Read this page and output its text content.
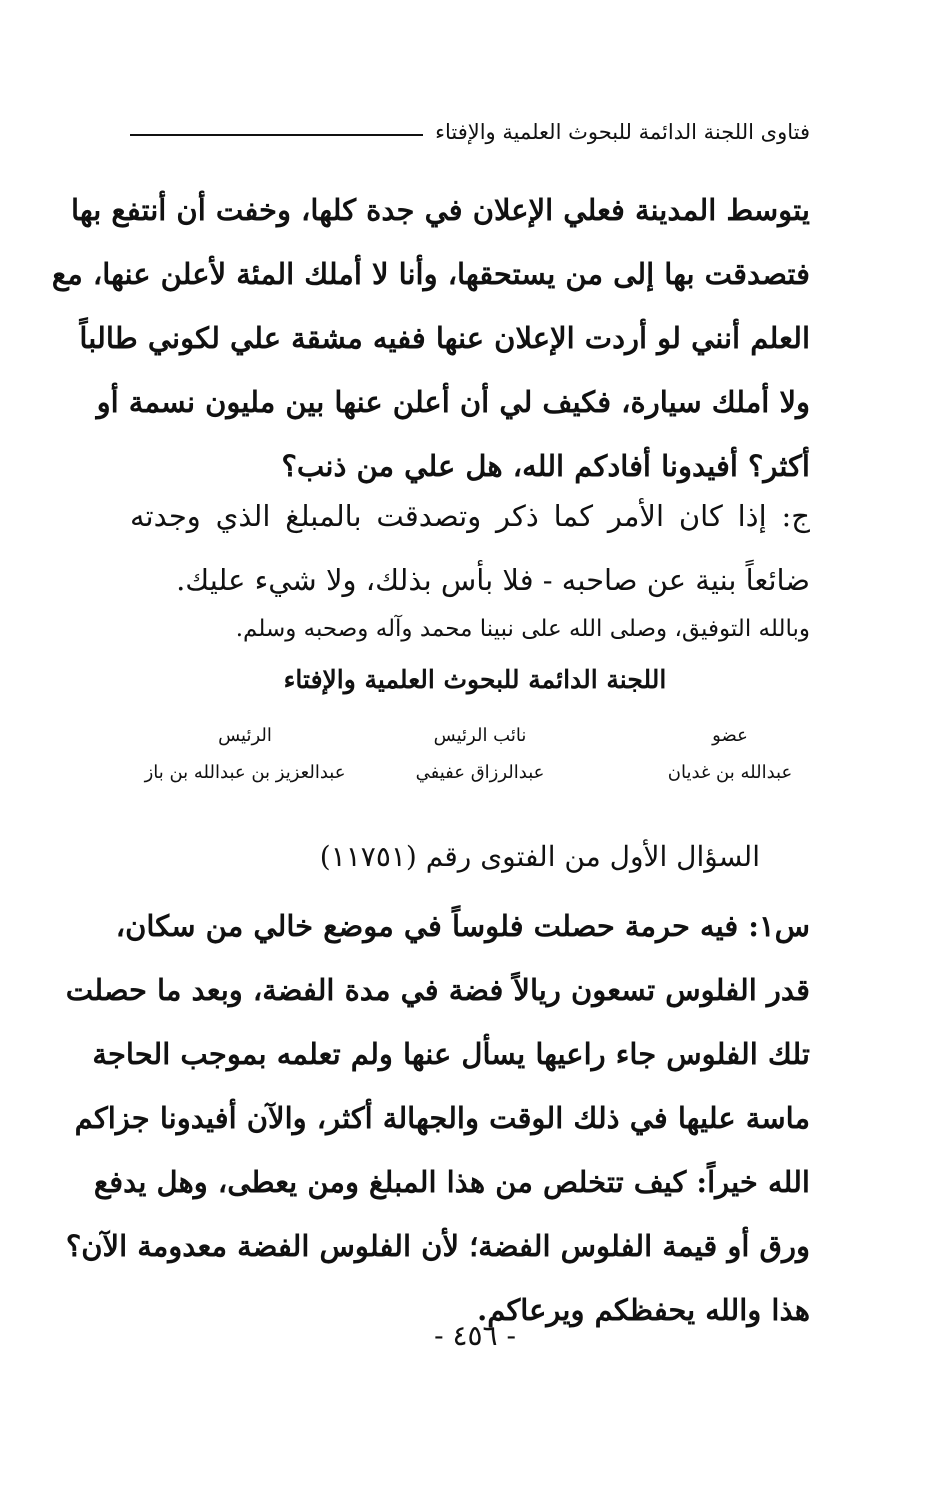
فتاوى اللجنة الدائمة للبحوث العلمية والإفتاء
يتوسط المدينة فعلي الإعلان في جدة كلها، وخفت أن أنتفع بها
فتصدقت بها إلى من يستحقها، وأنا لا أملك المئة لأعلن عنها، مع
العلم أنني لو أردت الإعلان عنها ففيه مشقة علي لكوني طالباً
ولا أملك سيارة، فكيف لي أن أعلن عنها بين مليون نسمة أو
أكثر؟ أفيدونا أفادكم الله، هل علي من ذنب؟
ج: إذا كان الأمر كما ذكر وتصدقت بالمبلغ الذي وجدته
ضائعاً بنية عن صاحبه - فلا بأس بذلك، ولا شيء عليك.
وبالله التوفيق، وصلى الله على نبينا محمد وآله وصحبه وسلم.
اللجنة الدائمة للبحوث العلمية والإفتاء
عضو
عبدالله بن غديان
نائب الرئيس
عبدالرزاق عفيفي
الرئيس
عبدالعزيز بن عبدالله بن باز
السؤال الأول من الفتوى رقم (١١٧٥١)
س١: فيه حرمة حصلت فلوساً في موضع خالي من سكان،
قدر الفلوس تسعون ريالاً فضة في مدة الفضة، وبعد ما حصلت
تلك الفلوس جاء راعيها يسأل عنها ولم تعلمه بموجب الحاجة
ماسة عليها في ذلك الوقت والجهالة أكثر، والآن أفيدونا جزاكم
الله خيراً: كيف تتخلص من هذا المبلغ ومن يعطى، وهل يدفع
ورق أو قيمة الفلوس الفضة؛ لأن الفلوس الفضة معدومة الآن؟
هذا والله يحفظكم ويرعاكم.
- ٤٥٦ -
